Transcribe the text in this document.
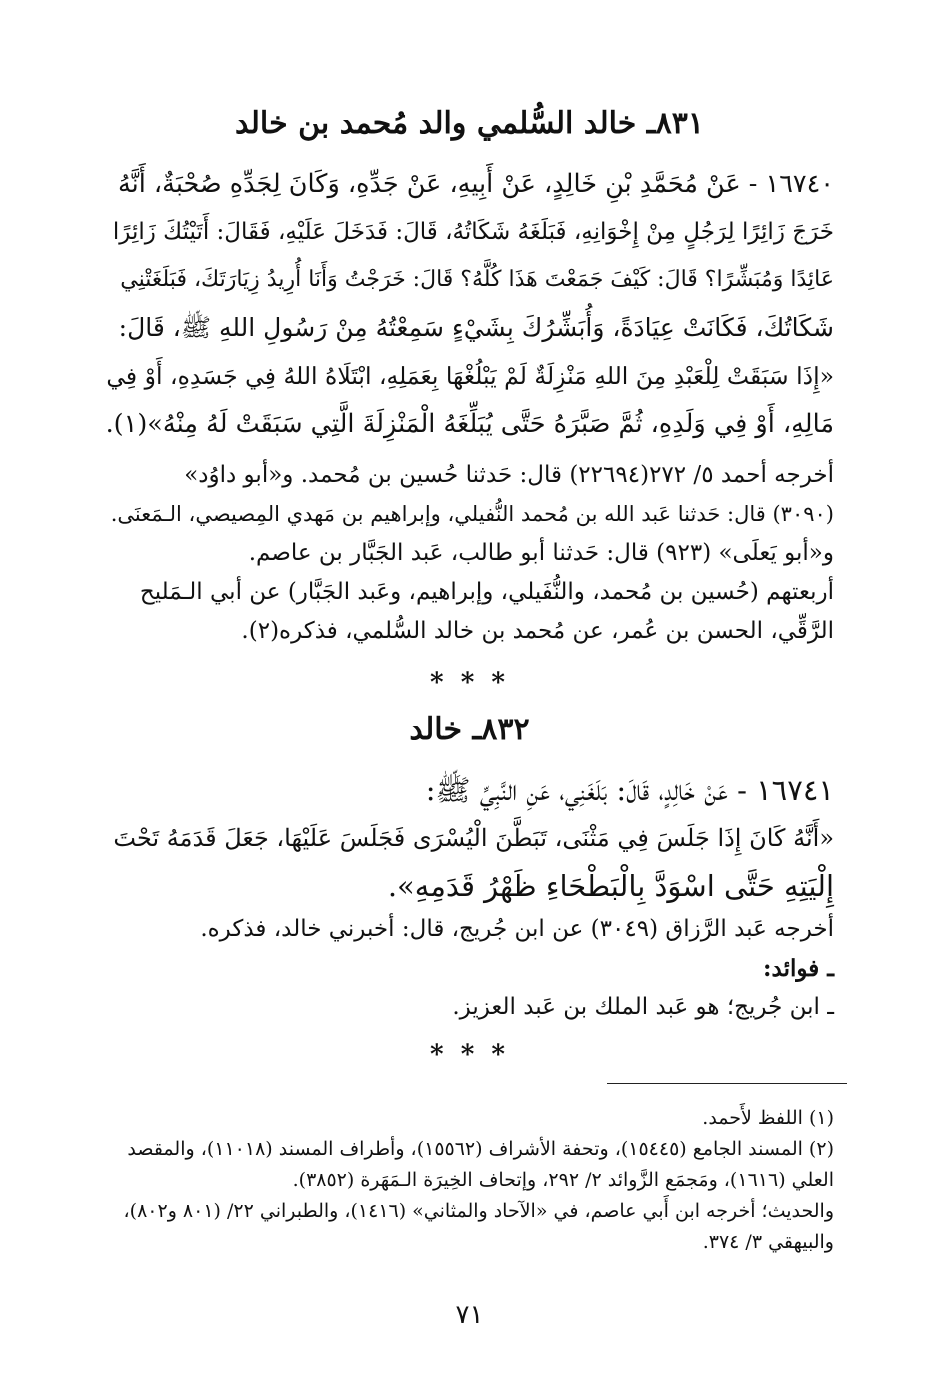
٨٣١ـ خالد السُّلمي والد مُحمد بن خالد
١٦٧٤٠ - عَنْ مُحَمَّدِ بْنِ خَالِدٍ، عَنْ أَبِيهِ، عَنْ جَدِّهِ، وَكَانَ لِجَدِّهِ صُحْبَةٌ، أَنَّهُ
خَرَجَ زَائِرًا لِرَجُلٍ مِنْ إِخْوَانِهِ، فَبَلَغَهُ شَكَاتُهُ، قَالَ: فَدَخَلَ عَلَيْهِ، فَقَالَ: أَتَيْتُكَ زَائِرًا
عَائِدًا وَمُبَشِّرًا؟ قَالَ: كَيْفَ جَمَعْتَ هَذَا كُلَّهُ؟ قَالَ: خَرَجْتُ وَأَنَا أُرِيدُ زِيَارَتَكَ، فَبَلَغَتْنِي
شَكَاتُكَ، فَكَانَتْ عِيَادَةً، وَأُبَشِّرُكَ بِشَيْءٍ سَمِعْتُهُ مِنْ رَسُولِ اللهِ ﷺ، قَالَ:
«إِذَا سَبَقَتْ لِلْعَبْدِ مِنَ اللهِ مَنْزِلَةٌ لَمْ يَبْلُغْهَا بِعَمَلِهِ، ابْتَلَاهُ اللهُ فِي جَسَدِهِ، أَوْ فِي
مَالِهِ، أَوْ فِي وَلَدِهِ، ثُمَّ صَبَّرَهُ حَتَّى يُبَلِّغَهُ الْمَنْزِلَةَ الَّتِي سَبَقَتْ لَهُ مِنْهُ»(١).
أخرجه أحمد ٥/ ٢٧٢(٢٢٦٩٤) قال: حَدثنا حُسين بن مُحمد. و«أبو داوُد»
(٣٠٩٠) قال: حَدثنا عَبد الله بن مُحمد النُّفيلي، وإبراهيم بن مَهدي المِصيصي، الـمَعنَى.
و«أبو يَعلَى» (٩٢٣) قال: حَدثنا أبو طالب، عَبد الجَبَّار بن عاصم.
أربعتهم (حُسين بن مُحمد، والنُّفَيلي، وإبراهيم، وعَبد الجَبَّار) عن أبي الـمَليح
الرَّقِّي، الحسن بن عُمر، عن مُحمد بن خالد السُّلمي، فذكره(٢).
* * *
٨٣٢ـ خالد
١٦٧٤١ - عَنْ خَالِدٍ، قَالَ: بَلَغَنِي، عَنِ النَّبِيِّ ﷺ:
«أَنَّهُ كَانَ إِذَا جَلَسَ فِي مَثْنَى، تَبَطَّنَ الْيُسْرَى فَجَلَسَ عَلَيْهَا، جَعَلَ قَدَمَهُ تَحْتَ
إِلْيَتِهِ حَتَّى اسْوَدَّ بِالْبَطْحَاءِ ظَهْرُ قَدَمِهِ».
أخرجه عَبد الرَّزاق (٣٠٤٩) عن ابن جُريج، قال: أخبرني خالد، فذكره.
ـ فوائد:
ـ ابن جُريج؛ هو عَبد الملك بن عَبد العزيز.
* * *
(١) اللفظ لأَحمد.
(٢) المسند الجامع (١٥٤٤٥)، وتحفة الأشراف (١٥٥٦٢)، وأطراف المسند (١١٠١٨)، والمقصد
العلي (١٦١٦)، ومَجمَع الزَّوائد ٢/ ٢٩٢، وإتحاف الخِيرَة الـمَهَرة (٣٨٥٢).
والحديث؛ أخرجه ابن أَبي عاصم، في «الآحاد والمثاني» (١٤١٦)، والطبراني ٢٢/ (٨٠١ و٨٠٢)،
والبيهقي ٣/ ٣٧٤.
٧١
